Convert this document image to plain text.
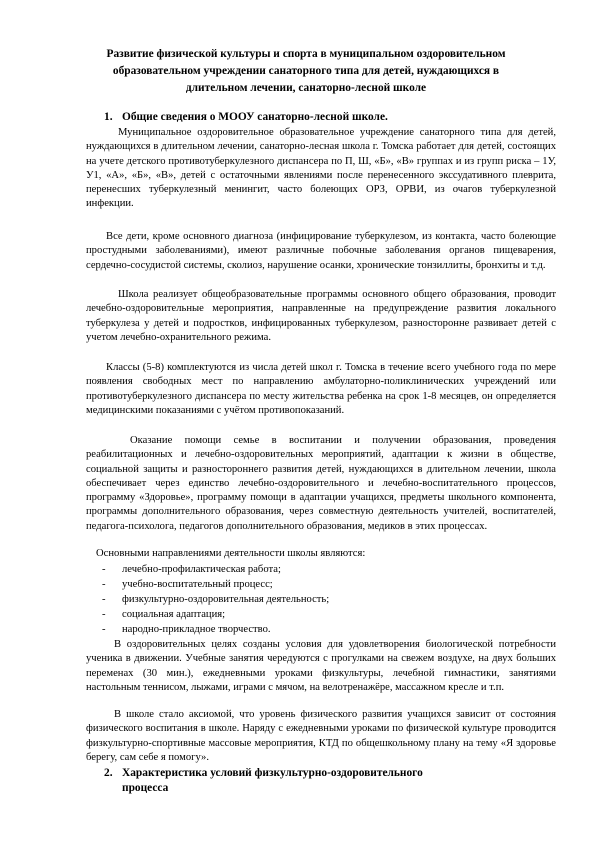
Развитие физической культуры и спорта в муниципальном оздоровительном образовательном учреждении санаторного типа для детей, нуждающихся в длительном лечении, санаторно-лесной школе
1. Общие сведения о МООУ санаторно-лесной школе.

Муниципальное оздоровительное образовательное учреждение санаторного типа для детей, нуждающихся в длительном лечении, санаторно-лесная школа г. Томска работает для детей, состоящих на учете детского противотуберкулезного диспансера по П, Ш, «Б», «В» группах и из групп риска – 1У, У1, «А», «Б», «В», детей с остаточными явлениями после перенесенного экссудативного плеврита, перенесших туберкулезный менингит, часто болеющих ОРЗ, ОРВИ, из очагов туберкулезной инфекции.

Все дети, кроме основного диагноза (инфицирование туберкулезом, из контакта, часто болеющие простудными заболеваниями), имеют различные побочные заболевания органов пищеварения, сердечно-сосудистой системы, сколиоз, нарушение осанки, хронические тонзиллиты, бронхиты и т.д.

Школа реализует общеобразовательные программы основного общего образования, проводит лечебно-оздоровительные мероприятия, направленные на предупреждение развития локального туберкулеза у детей и подростков, инфицированных туберкулезом, разносторонне развивает детей с учетом лечебно-охранительного режима.

Классы (5-8) комплектуются из числа детей школ г. Томска в течение всего учебного года по мере появления свободных мест по направлению амбулаторно-поликлинических учреждений или противотуберкулезного диспансера по месту жительства ребенка на срок 1-8 месяцев, он определяется медицинскими показаниями с учётом противопоказаний.

Оказание помощи семье в воспитании и получении образования, проведения реабилитационных и лечебно-оздоровительных мероприятий, адаптации к жизни в обществе, социальной защиты и разностороннего развития детей, нуждающихся в длительном лечении, школа обеспечивает через единство лечебно-оздоровительного и лечебно-воспитательного процессов, программу «Здоровье», программу помощи в адаптации учащихся, предметы школьного компонента, программы дополнительного образования, через совместную деятельность учителей, воспитателей, педагога-психолога, педагогов дополнительного образования, медиков в этих процессах.

Основными направлениями деятельности школы являются:

- лечебно-профилактическая работа;
- учебно-воспитательный процесс;
- физкультурно-оздоровительная деятельность;
- социальная адаптация;
- народно-прикладное творчество.

В оздоровительных целях созданы условия для удовлетворения биологической потребности ученика в движении. Учебные занятия чередуются с прогулками на свежем воздухе, на двух больших переменах (30 мин.), ежедневными уроками физкультуры, лечебной гимнастики, занятиями настольным теннисом, лыжами, играми с мячом, на велотренажёре, массажном кресле и т.п.

В школе стало аксиомой, что уровень физического развития учащихся зависит от состояния физического воспитания в школе. Наряду с ежедневными уроками по физической культуре проводится физкультурно-спортивные массовые мероприятия, КТД по общешкольному плану на тему «Я здоровье берегу, сам себе я помогу».

2. Характеристика условий физкультурно-оздоровительного процесса
